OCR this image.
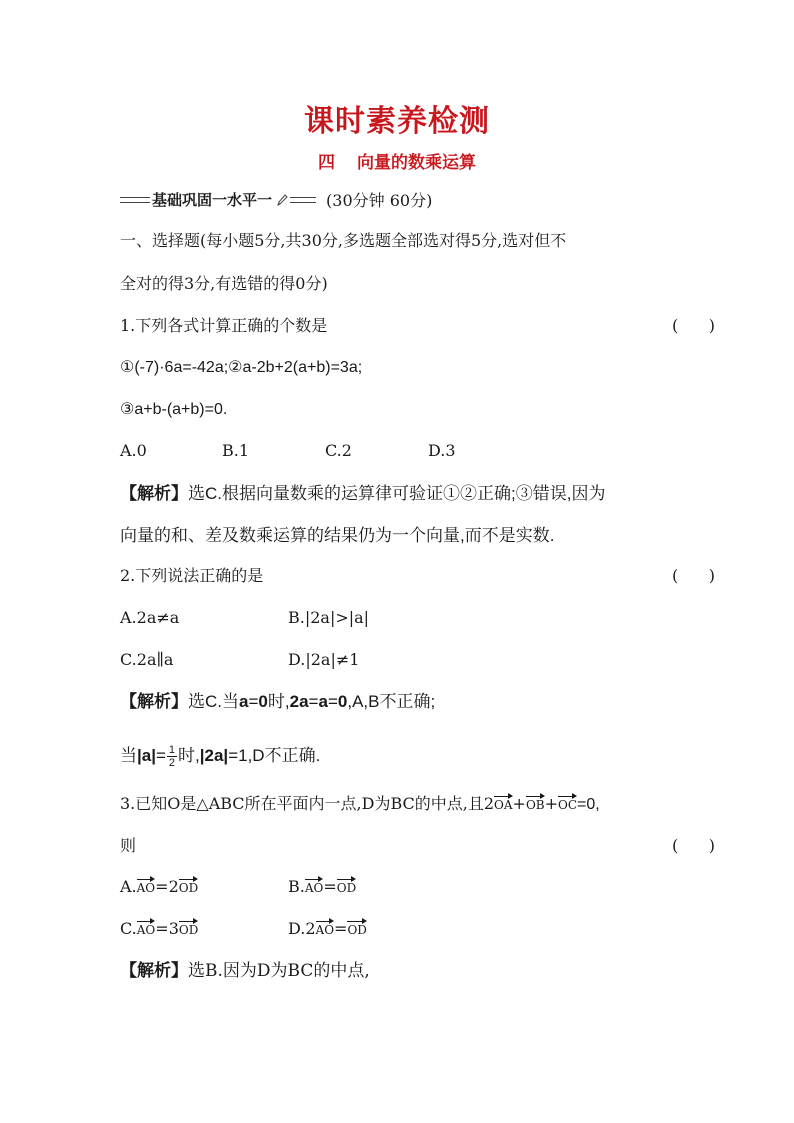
课时素养检测
四 向量的数乘运算
基础巩固一水平一	(30分钟 60分)
一、选择题(每小题5分,共30分,多选题全部选对得5分,选对但不
全对的得3分,有选错的得0分)
1.下列各式计算正确的个数是	(      )
①(-7)·6a=-42a;②a-2b+2(a+b)=3a;
③a+b-(a+b)=0.
A.0	B.1	C.2	D.3
【解析】选C.根据向量数乘的运算律可验证①②正确;③错误,因为
向量的和、差及数乘运算的结果仍为一个向量,而不是实数.
2.下列说法正确的是	(      )
A.2a≠a	B.|2a|>|a|
C.2a∥a	D.|2a|≠1
【解析】选C.当a=0时,2a=a=0,A,B不正确;
当$|a|= \frac{1}{2}$ 时,|2a|=1,D不正确.
3.已知O是△ABC所在平面内一点,D为BC的中点,且2OA+OB+OC=0,
则	(      )
A.AO=2OD	B.AO=OD
C.AO=3OD	D.2AO=OD
【解析】选B.因为D为BC的中点,
